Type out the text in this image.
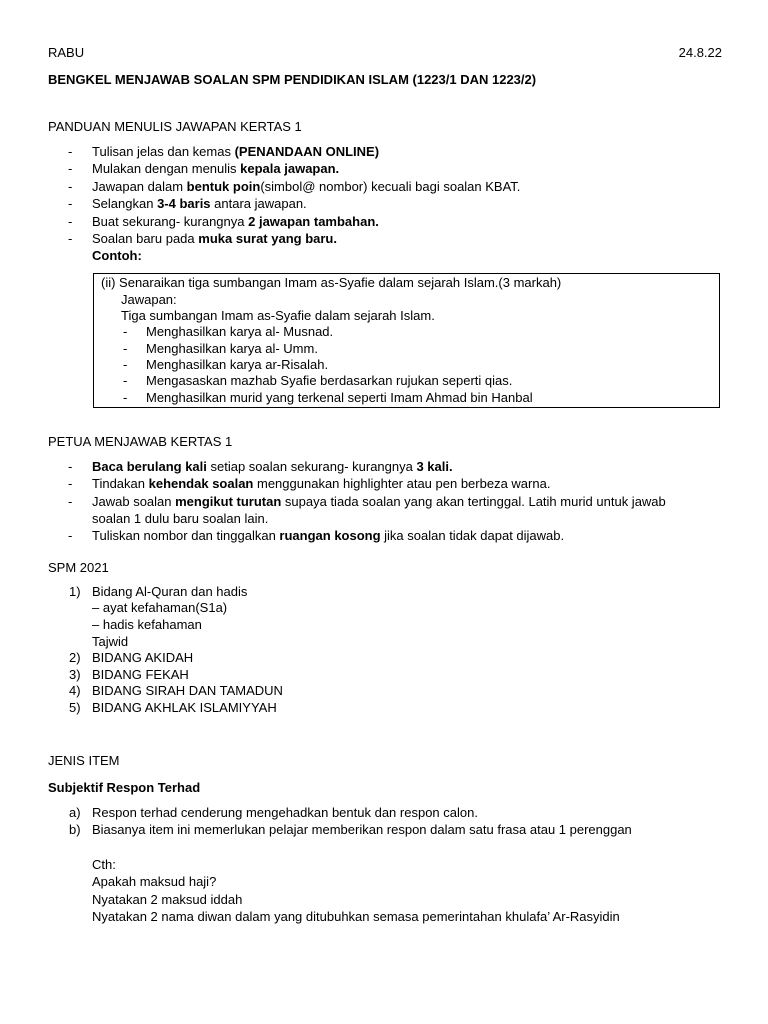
RABU	24.8.22
BENGKEL MENJAWAB SOALAN SPM PENDIDIKAN ISLAM (1223/1 DAN 1223/2)
PANDUAN MENULIS JAWAPAN KERTAS 1
- Tulisan jelas dan kemas (PENANDAAN ONLINE)
- Mulakan dengan menulis kepala jawapan.
- Jawapan dalam bentuk poin(simbol@ nombor) kecuali bagi soalan KBAT.
- Selangkan 3-4 baris antara jawapan.
- Buat sekurang- kurangnya 2 jawapan tambahan.
- Soalan baru pada muka surat yang baru.
Contoh:
(ii) Senaraikan tiga sumbangan Imam as-Syafie dalam sejarah Islam.(3 markah)
Jawapan:
Tiga sumbangan Imam as-Syafie dalam sejarah Islam.
- Menghasilkan karya al- Musnad.
- Menghasilkan karya al- Umm.
- Menghasilkan karya ar-Risalah.
- Mengasaskan mazhab Syafie berdasarkan rujukan seperti qias.
- Menghasilkan murid yang terkenal seperti Imam Ahmad bin Hanbal
PETUA MENJAWAB KERTAS 1
- Baca berulang kali setiap soalan sekurang- kurangnya 3 kali.
- Tindakan kehendak soalan menggunakan highlighter atau pen berbeza warna.
- Jawab soalan mengikut turutan supaya tiada soalan yang akan tertinggal. Latih murid untuk jawab
soalan 1 dulu baru soalan lain.
- Tuliskan nombor dan tinggalkan ruangan kosong jika soalan tidak dapat dijawab.
SPM 2021
1) Bidang Al-Quran dan hadis
– ayat kefahaman(S1a)
– hadis kefahaman
Tajwid
2) BIDANG AKIDAH
3) BIDANG FEKAH
4) BIDANG SIRAH DAN TAMADUN
5) BIDANG AKHLAK ISLAMIYYAH
JENIS ITEM
Subjektif Respon Terhad
a) Respon terhad cenderung mengehadkan bentuk dan respon calon.
b) Biasanya item ini memerlukan pelajar memberikan respon dalam satu frasa atau 1 perenggan
Cth:
Apakah maksud haji?
Nyatakan 2 maksud iddah
Nyatakan 2 nama diwan dalam yang ditubuhkan semasa pemerintahan khulafa’ Ar-Rasyidin
